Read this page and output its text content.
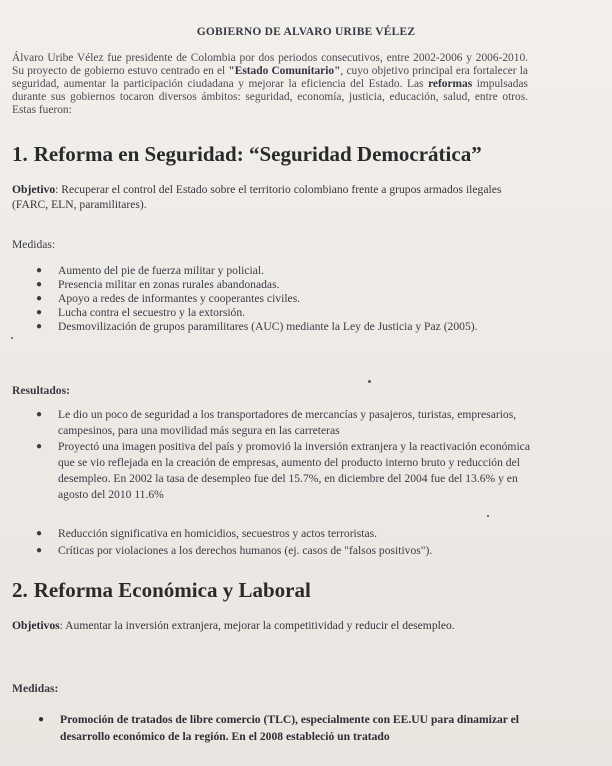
GOBIERNO DE ALVARO URIBE VÉLEZ
Álvaro Uribe Vélez fue presidente de Colombia por dos periodos consecutivos, entre 2002-2006 y 2006-2010. Su proyecto de gobierno estuvo centrado en el "Estado Comunitario", cuyo objetivo principal era fortalecer la seguridad, aumentar la participación ciudadana y mejorar la eficiencia del Estado. Las reformas impulsadas durante sus gobiernos tocaron diversos ámbitos: seguridad, economía, justicia, educación, salud, entre otros. Estas fueron:
1. Reforma en Seguridad: “Seguridad Democrática”
Objetivo: Recuperar el control del Estado sobre el territorio colombiano frente a grupos armados ilegales (FARC, ELN, paramilitares).
Medidas:
● Aumento del pie de fuerza militar y policial.
● Presencia militar en zonas rurales abandonadas.
● Apoyo a redes de informantes y cooperantes civiles.
● Lucha contra el secuestro y la extorsión.
● Desmovilización de grupos paramilitares (AUC) mediante la Ley de Justicia y Paz (2005).
Resultados:
● Le dio un poco de seguridad a los transportadores de mercancías y pasajeros, turistas, empresarios, campesinos, para una movilidad más segura en las carreteras
● Proyectó una imagen positiva del país y promovió la inversión extranjera y la reactivación económica que se vio reflejada en la creación de empresas, aumento del producto interno bruto y reducción del desempleo. En 2002 la tasa de desempleo fue del 15.7%, en diciembre del 2004 fue del 13.6% y en agosto del 2010 11.6%
● Reducción significativa en homicidios, secuestros y actos terroristas.
● Críticas por violaciones a los derechos humanos (ej. casos de "falsos positivos").
2. Reforma Económica y Laboral
Objetivos: Aumentar la inversión extranjera, mejorar la competitividad y reducir el desempleo.
Medidas:
● Promoción de tratados de libre comercio (TLC), especialmente con EE.UU para dinamizar el desarrollo económico de la región. En el 2008 estableció un tratado
